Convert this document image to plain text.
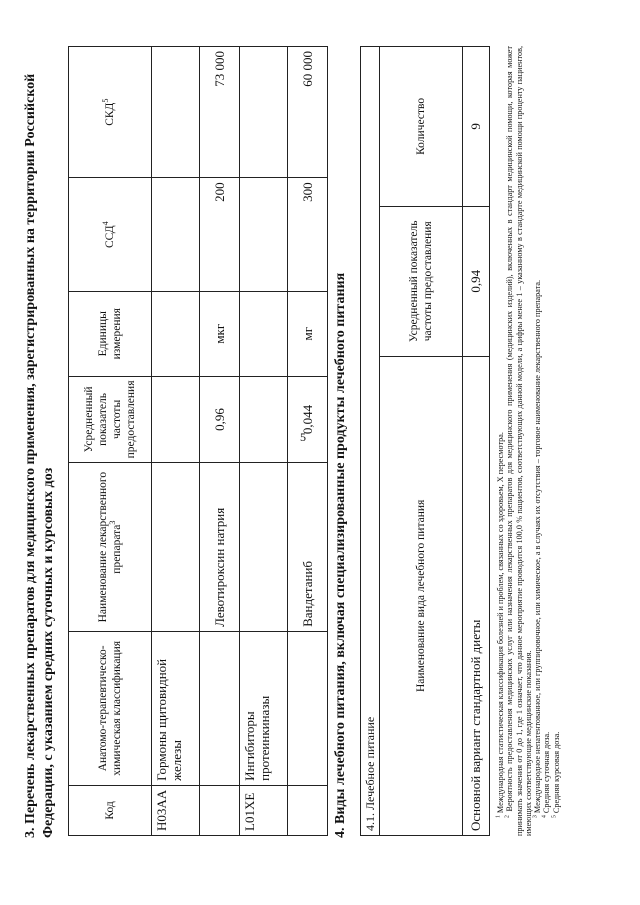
5

3. Перечень лекарственных препаратов для медицинского применения, зарегистрированных на территории Российской Федерации, с указанием средних суточных и курсовых доз	Код	Анатомо-терапевтическо-химическая классификация	Наименование лекарственного препарата$^3$	Усредненный показатель частоты предоставления	Единицы измерения	ССД$^4$	СКД$^5$
H03AA	Гормоны щитовидной железы					
		Левотироксин натрия	0,96	мкг	200	73 000
L01XE	Ингибиторы протеинкиназы					
		Вандетаниб	0,044	мг	300	60 000

4. Виды лечебного питания, включая специализированные продукты лечебного питания 4.1. Лечебное питание		
Наименование вида лечебного питания	Усредненный показатель частоты предоставления	Количество
Основной вариант стандартной диеты	0,94	9

$^1$ Международная статистическая классификация болезней и проблем, связанных со здоровьем, X пересмотра.

$^2$ Вероятность предоставления медицинских услуг или назначения лекарственных препаратов для медицинского применения (медицинских изделий), включенных в стандарт медицинской помощи, которая может принимать значения от 0 до 1, где 1 означает, что данное мероприятие проводится 100,0 % пациентов, соответствующих данной модели, а цифры менее 1 – указанному в стандарте медицинской помощи проценту пациентов, имеющих соответствующие медицинские показания. $^3$ Международное непатентованное, или группировочное, или химическое, а в случаях их отсутствия – торговое наименование лекарственного препарата.

$^4$ Средняя суточная доза.

$^5$ Средняя курсовая доза.
